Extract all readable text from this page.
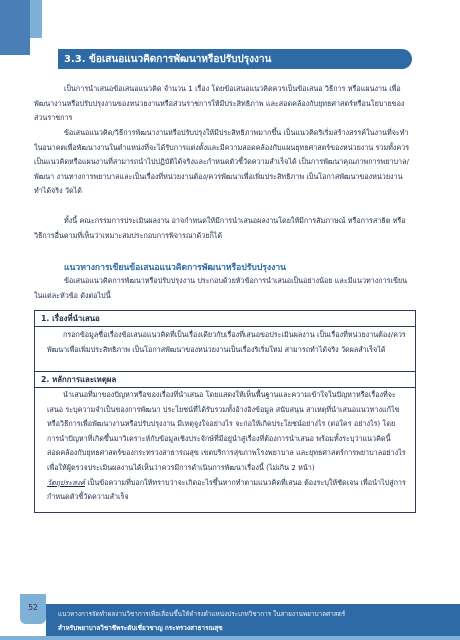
3.3. ข้อเสนอแนวคิดการพัฒนาหรือปรับปรุงงาน
เป็นการนำเสนอข้อเสนอแนวคิด จำนวน 1 เรื่อง โดยข้อเสนอแนวคิดควรเป็นข้อเสนอ วิธีการ หรือแผนงาน เพื่อพัฒนางานหรือปรับปรุงงานของหน่วยงานหรือส่วนราชการให้มีประสิทธิภาพ และสอดคล้องกับยุทธศาสตร์หรือนโยบายของส่วนราชการ
ข้อเสนอแนวคิด/วิธีการพัฒนางานหรือปรับปรุงให้มีประสิทธิภาพมากขึ้น เป็นแนวคิดริเริ่มสร้างสรรค์ในงานที่จะทำในอนาคตเพื่อพัฒนางานในตำแหน่งที่จะได้รับการแต่งตั้งและมีความสอดคล้องกับแผนยุทธศาสตร์ของหน่วยงาน รวมทั้งควรเป็นแนวคิดหรือแผนงานที่สามารถนำไปปฏิบัติได้จริงและกำหนดตัวชี้วัดความสำเร็จได้ เป็นการพัฒนาคุณภาพการพยาบาล/พัฒนา งานทางการพยาบาลและเป็นเรื่องที่หน่วยงานต้อง/ควรพัฒนาเพื่อเพิ่มประสิทธิภาพ เป็นโอกาสพัฒนาของหน่วยงาน ทำได้จริง วัดได้
ทั้งนี้ คณะกรรมการประเมินผลงาน อาจกำหนดให้มีการนำเสนอผลงานโดยให้มีการสัมภาษณ์ หรือการสาธิต หรือวิธีการอื่นตามที่เห็นว่าเหมาะสมประกอบการพิจารณาด้วยก็ได้
แนวทางการเขียนข้อเสนอแนวคิดการพัฒนาหรือปรับปรุงงาน
ข้อเสนอแนวคิดการพัฒนาหรือปรับปรุงงาน ประกอบด้วยหัวข้อการนำเสนอเป็นอย่างน้อย และมีแนวทางการเขียนในแต่ละหัวข้อ ดังต่อไปนี้
1. เรื่องที่นำเสนอ
กรอกข้อมูลชื่อเรื่องข้อเสนอแนวคิดที่เป็นเรื่องเดียวกับเรื่องที่เสนอขอประเมินผลงาน เป็นเรื่องที่หน่วยงานต้อง/ควรพัฒนาเพื่อเพิ่มประสิทธิภาพ เป็นโอกาสพัฒนาของหน่วยงานเป็นเรื่องริเริ่มใหม่ สามารถทำได้จริง วัดผลสำเร็จได้
2. หลักการและเหตุผล
นำเสนอที่มาของปัญหาหรือของเรื่องที่นำเสนอ โดยแสดงให้เห็นพื้นฐานและความเข้าใจในปัญหาหรือเรื่องที่จะเสนอ ระบุความจำเป็นของการพัฒนา ประโยชน์ที่ได้รับรวมทั้งอ้างอิงข้อมูล สนับสนุน สาเหตุที่นำเสนอแนวทางแก้ไขหรือวิธีการเพื่อพัฒนางานหรือปรับปรุงงาน มีเหตุจูงใจอย่างไร จะก่อให้เกิดประโยชน์อย่างไร (ต่อใคร อย่างไร) โดยการนำปัญหาที่เกิดขึ้นมาวิเคราะห์กับข้อมูลเชิงประจักษ์ที่มีอยู่นำสู่เรื่องที่ต้องการนำเสนอ พร้อมทั้งระบุว่าแนวคิดนี้สอดคล้องกับยุทธศาสตร์ของกระทรวงสาธารณสุข เขตบริการสุขภาพโรงพยาบาล และยุทธศาสตร์การพยาบาลอย่างไร เพื่อให้ผู้ตรวจประเมินผลงานได้เห็นว่าควรมีการดำเนินการพัฒนาเรื่องนี้ (ไม่เกิน 2 หน้า)
วัตถุประสงค์ เป็นข้อความที่บอกให้ทราบว่าจะเกิดอะไรขึ้นหากทำตามแนวคิดที่เสนอ ต้องระบุให้ชัดเจน เพื่อนำไปสู่การกำหนดตัวชี้วัดความสำเร็จ
52
แนวทางการจัดทำผลงานวิชาการเพื่อเลื่อนขึ้นให้ดำรงตำแหน่งประเภทวิชาการ ในสายงานพยาบาลศาสตร์
สำหรับพยาบาลวิชาชีพระดับเชี่ยวชาญ กระทรวงสาธารณสุข
